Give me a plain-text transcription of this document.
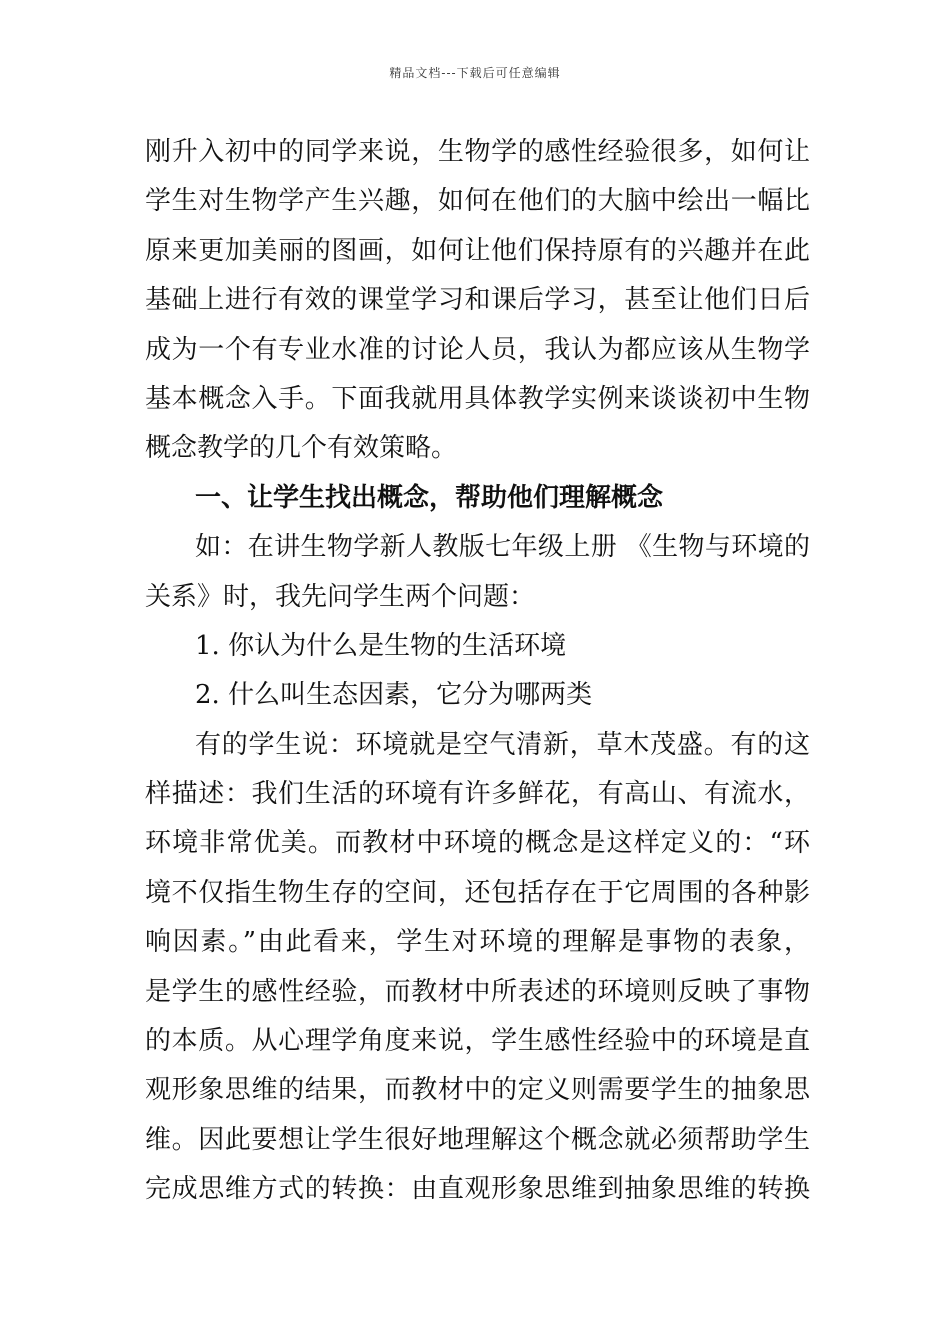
精品文档---下载后可任意编辑
刚升入初中的同学来说，生物学的感性经验很多，如何让
学生对生物学产生兴趣，如何在他们的大脑中绘出一幅比
原来更加美丽的图画，如何让他们保持原有的兴趣并在此
基础上进行有效的课堂学习和课后学习，甚至让他们日后
成为一个有专业水准的讨论人员，我认为都应该从生物学
基本概念入手。下面我就用具体教学实例来谈谈初中生物
概念教学的几个有效策略。
一、让学生找出概念，帮助他们理解概念
如：在讲生物学新人教版七年级上册 《生物与环境的
关系》时，我先问学生两个问题：
1. 你认为什么是生物的生活环境
2. 什么叫生态因素，它分为哪两类
有的学生说：环境就是空气清新，草木茂盛。有的这
样描述：我们生活的环境有许多鲜花，有高山、有流水，
环境非常优美。而教材中环境的概念是这样定义的：“环
境不仅指生物生存的空间，还包括存在于它周围的各种影
响因素。”由此看来，学生对环境的理解是事物的表象，
是学生的感性经验，而教材中所表述的环境则反映了事物
的本质。从心理学角度来说，学生感性经验中的环境是直
观形象思维的结果，而教材中的定义则需要学生的抽象思
维。因此要想让学生很好地理解这个概念就必须帮助学生
完成思维方式的转换：由直观形象思维到抽象思维的转换
